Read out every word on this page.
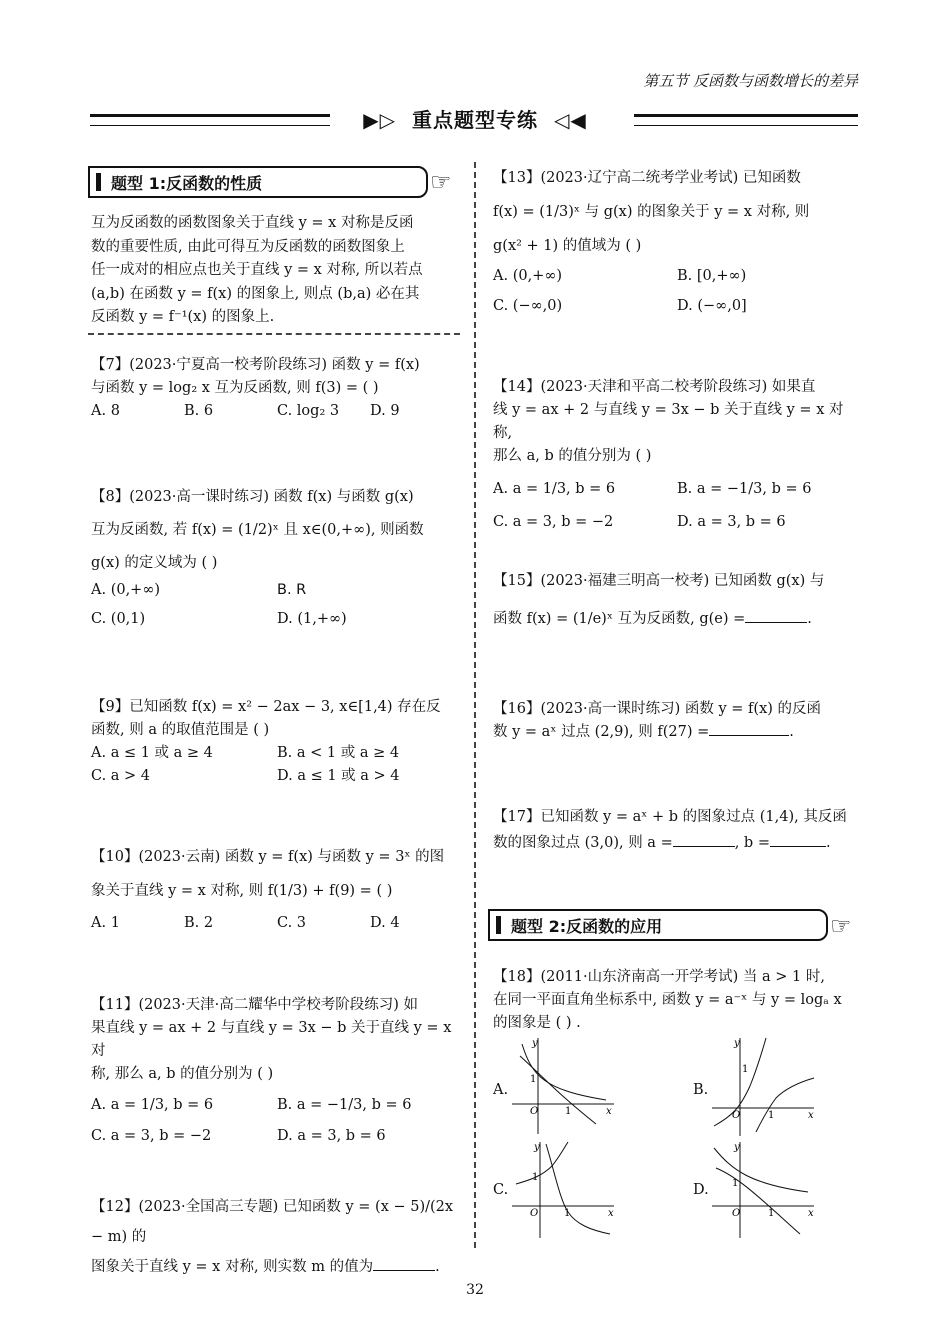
第五节 反函数与函数增长的差异
▶▷ 重点题型专练 ◁◀
题型 1:反函数的性质	☞
互为反函数的函数图象关于直线 y = x 对称是反函
数的重要性质, 由此可得互为反函数的函数图象上
任一成对的相应点也关于直线 y = x 对称, 所以若点
(a,b) 在函数 y = f(x) 的图象上, 则点 (b,a) 必在其
反函数 y = f⁻¹(x) 的图象上.
【7】(2023·宁夏高一校考阶段练习) 函数 y = f(x)
与函数 y = log₂ x 互为反函数, 则 f(3) = ( )
A. 8	B. 6	C. log₂ 3	D. 9
【8】(2023·高一课时练习) 函数 f(x) 与函数 g(x)
互为反函数, 若 f(x) = (1/2)ˣ 且 x∈(0,+∞), 则函数
g(x) 的定义域为 ( )
A. (0,+∞)	B. R
C. (0,1)	D. (1,+∞)
【9】已知函数 f(x) = x² − 2ax − 3, x∈[1,4) 存在反
函数, 则 a 的取值范围是 ( )
A. a ≤ 1 或 a ≥ 4	B. a < 1 或 a ≥ 4
C. a > 4	D. a ≤ 1 或 a > 4
【10】(2023·云南) 函数 y = f(x) 与函数 y = 3ˣ 的图
象关于直线 y = x 对称, 则 f(1/3) + f(9) = ( )
A. 1	B. 2	C. 3	D. 4
【11】(2023·天津·高二耀华中学校考阶段练习) 如
果直线 y = ax + 2 与直线 y = 3x − b 关于直线 y = x 对
称, 那么 a, b 的值分别为 ( )
A. a = 1/3, b = 6	B. a = −1/3, b = 6
C. a = 3, b = −2	D. a = 3, b = 6
【12】(2023·全国高三专题) 已知函数 y = (x − 5)/(2x − m) 的
图象关于直线 y = x 对称, 则实数 m 的值为	.
【13】(2023·辽宁高二统考学业考试) 已知函数
f(x) = (1/3)ˣ 与 g(x) 的图象关于 y = x 对称, 则
g(x² + 1) 的值域为 ( )
A. (0,+∞)	B. [0,+∞)
C. (−∞,0)	D. (−∞,0]
【14】(2023·天津和平高二校考阶段练习) 如果直
线 y = ax + 2 与直线 y = 3x − b 关于直线 y = x 对称,
那么 a, b 的值分别为 ( )
A. a = 1/3, b = 6	B. a = −1/3, b = 6
C. a = 3, b = −2	D. a = 3, b = 6
【15】(2023·福建三明高一校考) 已知函数 g(x) 与
函数 f(x) = (1/e)ˣ 互为反函数, g(e) =	.
【16】(2023·高一课时练习) 函数 y = f(x) 的反函
数 y = aˣ 过点 (2,9), 则 f(27) =	.
【17】已知函数 y = aˣ + b 的图象过点 (1,4), 其反函
数的图象过点 (3,0), 则 a =	, b =	.
题型 2:反函数的应用	☞
【18】(2011·山东济南高一开学考试) 当 a > 1 时,
在同一平面直角坐标系中, 函数 y = a⁻ˣ 与 y = logₐ x
的图象是 ( ) .
A.	B.
C.	D.
y
x
O
1
1
y
x
O
1
1
y
x
O
1
1
y
x
O
1
1
32
